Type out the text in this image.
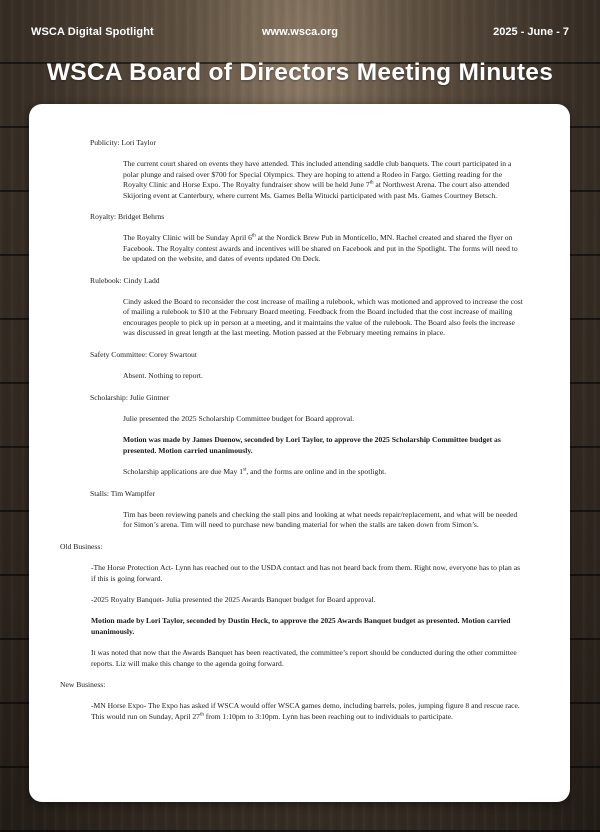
WSCA Digital Spotlight	www.wsca.org	2025 - June - 7
WSCA Board of Directors Meeting Minutes
Publicity: Lori Taylor
The current court shared on events they have attended. This included attending saddle club banquets. The court participated in a polar plunge and raised over $700 for Special Olympics. They are hoping to attend a Rodeo in Fargo. Getting reading for the Royalty Clinic and Horse Expo. The Royalty fundraiser show will be held June 7th at Northwest Arena. The court also attended Skijoring event at Canterbury, where current Ms. Games Bella Witucki participated with past Ms. Games Courtney Betsch.
Royalty: Bridget Behrns
The Royalty Clinic will be Sunday April 6th at the Nordick Brew Pub in Monticello, MN. Rachel created and shared the flyer on Facebook. The Royalty contest awards and incentives will be shared on Facebook and put in the Spotlight. The forms will need to be updated on the website, and dates of events updated On Deck.
Rulebook: Cindy Ladd
Cindy asked the Board to reconsider the cost increase of mailing a rulebook, which was motioned and approved to increase the cost of mailing a rulebook to $10 at the February Board meeting. Feedback from the Board included that the cost increase of mailing encourages people to pick up in person at a meeting, and it maintains the value of the rulebook. The Board also feels the increase was discussed in great length at the last meeting. Motion passed at the February meeting remains in place.
Safety Committee: Corey Swartout
Absent. Nothing to report.
Scholarship: Julie Gintner
Julie presented the 2025 Scholarship Committee budget for Board approval.
Motion was made by James Duenow, seconded by Lori Taylor, to approve the 2025 Scholarship Committee budget as presented. Motion carried unanimously.
Scholarship applications are due May 1st, and the forms are online and in the spotlight.
Stalls: Tim Wamplfer
Tim has been reviewing panels and checking the stall pins and looking at what needs repair/replacement, and what will be needed for Simon’s arena. Tim will need to purchase new banding material for when the stalls are taken down from Simon’s.
Old Business:
-The Horse Protection Act- Lynn has reached out to the USDA contact and has not heard back from them. Right now, everyone has to plan as if this is going forward.
-2025 Royalty Banquet- Julia presented the 2025 Awards Banquet budget for Board approval.
Motion made by Lori Taylor, seconded by Dustin Heck, to approve the 2025 Awards Banquet budget as presented. Motion carried unanimously.
It was noted that now that the Awards Banquet has been reactivated, the committee’s report should be conducted during the other committee reports. Liz will make this change to the agenda going forward.
New Business:
-MN Horse Expo- The Expo has asked if WSCA would offer WSCA games demo, including barrels, poles, jumping figure 8 and rescue race. This would run on Sunday, April 27th from 1:10pm to 3:10pm. Lynn has been reaching out to individuals to participate.
